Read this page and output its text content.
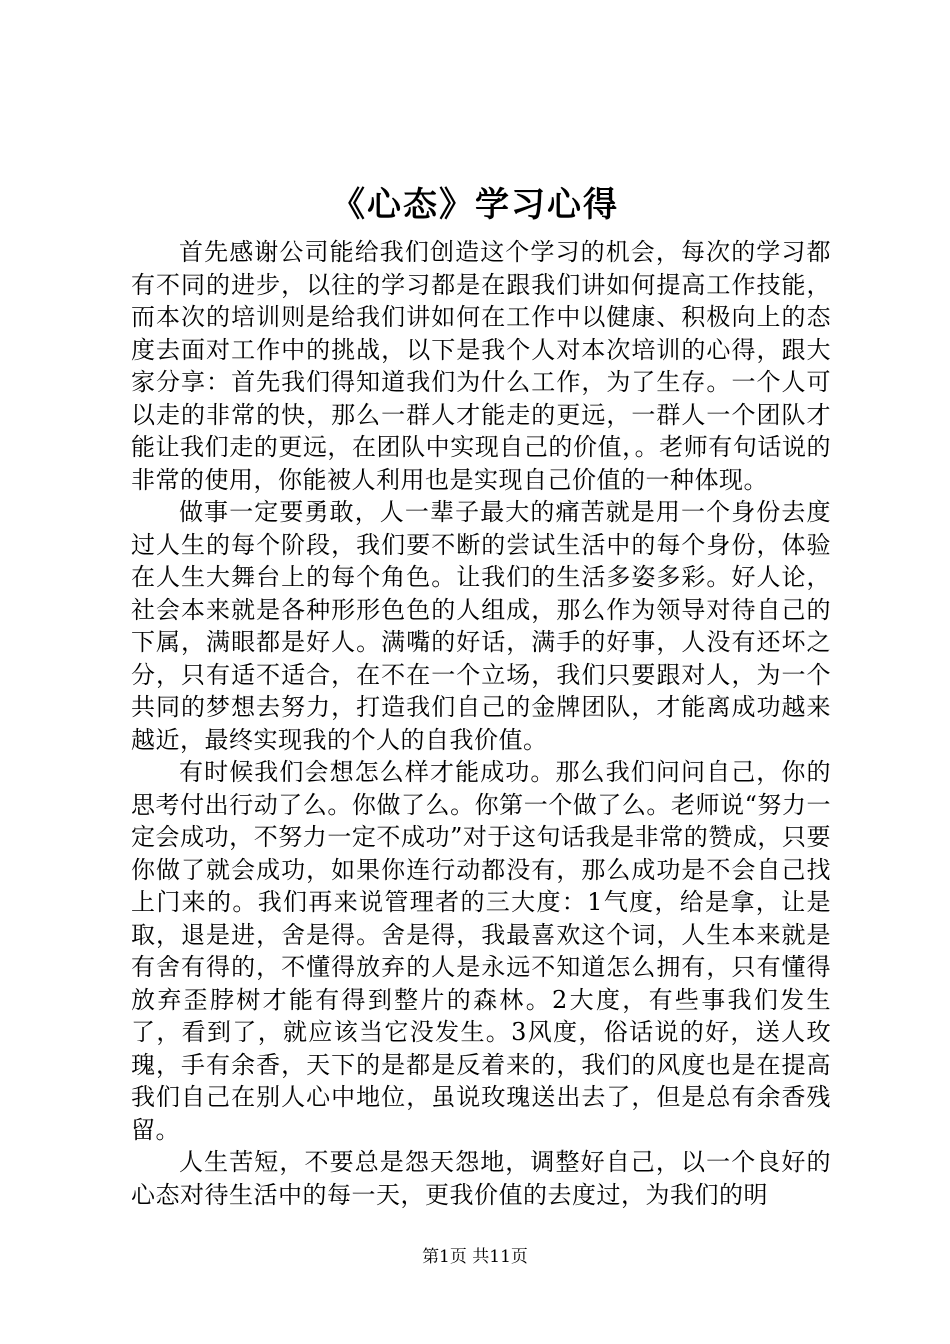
《心态》学习心得

首先感谢公司能给我们创造这个学习的机会，每次的学习都有不同的进步，以往的学习都是在跟我们讲如何提高工作技能，而本次的培训则是给我们讲如何在工作中以健康、积极向上的态度去面对工作中的挑战，以下是我个人对本次培训的心得，跟大家分享：首先我们得知道我们为什么工作，为了生存。一个人可以走的非常的快，那么一群人才能走的更远，一群人一个团队才能让我们走的更远，在团队中实现自己的价值，。老师有句话说的非常的使用，你能被人利用也是实现自己价值的一种体现。

做事一定要勇敢，人一辈子最大的痛苦就是用一个身份去度过人生的每个阶段，我们要不断的尝试生活中的每个身份，体验在人生大舞台上的每个角色。让我们的生活多姿多彩。好人论，社会本来就是各种形形色色的人组成，那么作为领导对待自己的下属，满眼都是好人。满嘴的好话，满手的好事，人没有还坏之分，只有适不适合，在不在一个立场，我们只要跟对人，为一个共同的梦想去努力，打造我们自己的金牌团队，才能离成功越来越近，最终实现我的个人的自我价值。

有时候我们会想怎么样才能成功。那么我们问问自己，你的思考付出行动了么。你做了么。你第一个做了么。老师说“努力一定会成功，不努力一定不成功”对于这句话我是非常的赞成，只要你做了就会成功，如果你连行动都没有，那么成功是不会自己找上门来的。我们再来说管理者的三大度：1气度，给是拿，让是取，退是进，舍是得。舍是得，我最喜欢这个词，人生本来就是有舍有得的，不懂得放弃的人是永远不知道怎么拥有，只有懂得放弃歪脖树才能有得到整片的森林。2大度，有些事我们发生了，看到了，就应该当它没发生。3风度，俗话说的好，送人玫瑰，手有余香，天下的是都是反着来的，我们的风度也是在提高我们自己在别人心中地位，虽说玫瑰送出去了，但是总有余香残留。

人生苦短，不要总是怨天怨地，调整好自己，以一个良好的心态对待生活中的每一天，更我价值的去度过，为我们的明

第1页 共11页
